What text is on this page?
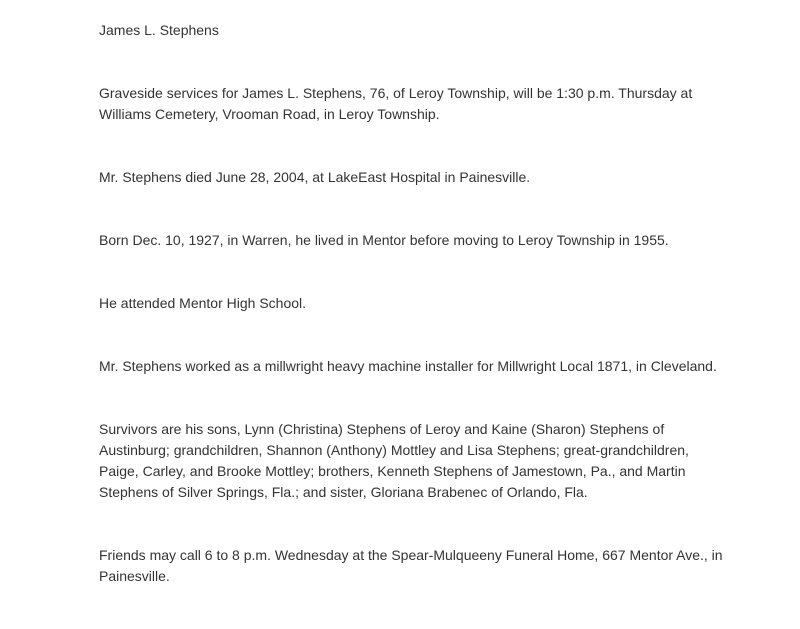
James L. Stephens

Graveside services for James L. Stephens, 76, of Leroy Township, will be 1:30 p.m. Thursday at Williams Cemetery, Vrooman Road, in Leroy Township.

Mr. Stephens died June 28, 2004, at LakeEast Hospital in Painesville.

Born Dec. 10, 1927, in Warren, he lived in Mentor before moving to Leroy Township in 1955.

He attended Mentor High School.

Mr. Stephens worked as a millwright heavy machine installer for Millwright Local 1871, in Cleveland.

Survivors are his sons, Lynn (Christina) Stephens of Leroy and Kaine (Sharon) Stephens of Austinburg; grandchildren, Shannon (Anthony) Mottley and Lisa Stephens; great-grandchildren, Paige, Carley, and Brooke Mottley; brothers, Kenneth Stephens of Jamestown, Pa., and Martin Stephens of Silver Springs, Fla.; and sister, Gloriana Brabenec of Orlando, Fla.

Friends may call 6 to 8 p.m. Wednesday at the Spear-Mulqueeny Funeral Home, 667 Mentor Ave., in Painesville.
